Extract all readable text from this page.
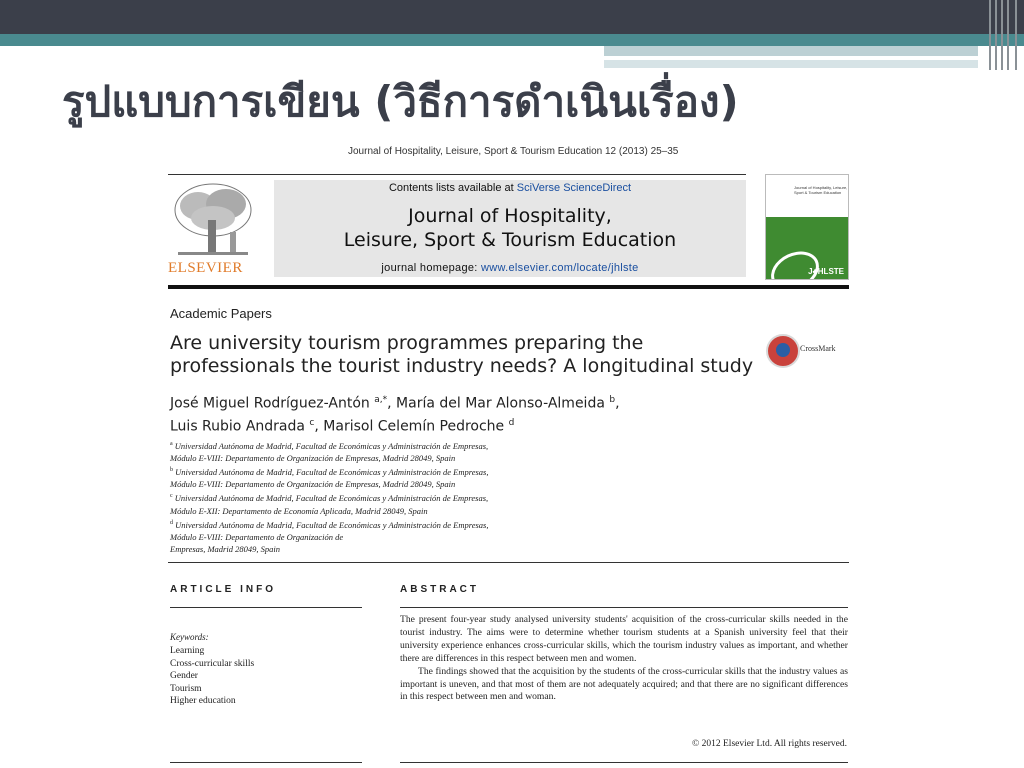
รูปแบบการเขียน (วิธีการดำเนินเรื่อง)
Journal of Hospitality, Leisure, Sport & Tourism Education 12 (2013) 25–35
ELSEVIER
Contents lists available at SciVerse ScienceDirect
Journal of Hospitality,
Leisure, Sport & Tourism Education
journal homepage: www.elsevier.com/locate/jhlste
Journal of Hospitality, Leisure, Sport & Tourism Education
J♣HLSTE
Academic Papers
Are university tourism programmes preparing the
professionals the tourist industry needs? A longitudinal study
CrossMark
José Miguel Rodríguez-Antón $^{a,*}$, María del Mar Alonso-Almeida $^b$,
Luis Rubio Andrada $^c$, Marisol Celemín Pedroche $^d$
$^a$ Universidad Autónoma de Madrid, Facultad de Económicas y Administración de Empresas,
Módulo E-VIII: Departamento de Organización de Empresas, Madrid 28049, Spain
$^b$ Universidad Autónoma de Madrid, Facultad de Económicas y Administración de Empresas,
Módulo E-VIII: Departamento de Organización de Empresas, Madrid 28049, Spain
$^c$ Universidad Autónoma de Madrid, Facultad de Económicas y Administración de Empresas,
Módulo E-XII: Departamento de Economía Aplicada, Madrid 28049, Spain
$^d$ Universidad Autónoma de Madrid, Facultad de Económicas y Administración de Empresas,
Módulo E-VIII: Departamento de Organización de
Empresas, Madrid 28049, Spain
ARTICLE INFO	ABSTRACT
Keywords:
Learning
Cross-curricular skills
Gender
Tourism
Higher education

The present four-year study analysed university students' acquisition of the cross-curricular skills needed in the tourist industry. The aims were to determine whether tourism students at a Spanish university feel that their university experience enhances cross-curricular skills, which the tourism industry values as important, and whether there are differences in this respect between men and women.

The findings showed that the acquisition by the students of the cross-curricular skills that the industry values as important is uneven, and that most of them are not adequately acquired; and that there are no significant differences in this respect between men and woman.

© 2012 Elsevier Ltd. All rights reserved.
